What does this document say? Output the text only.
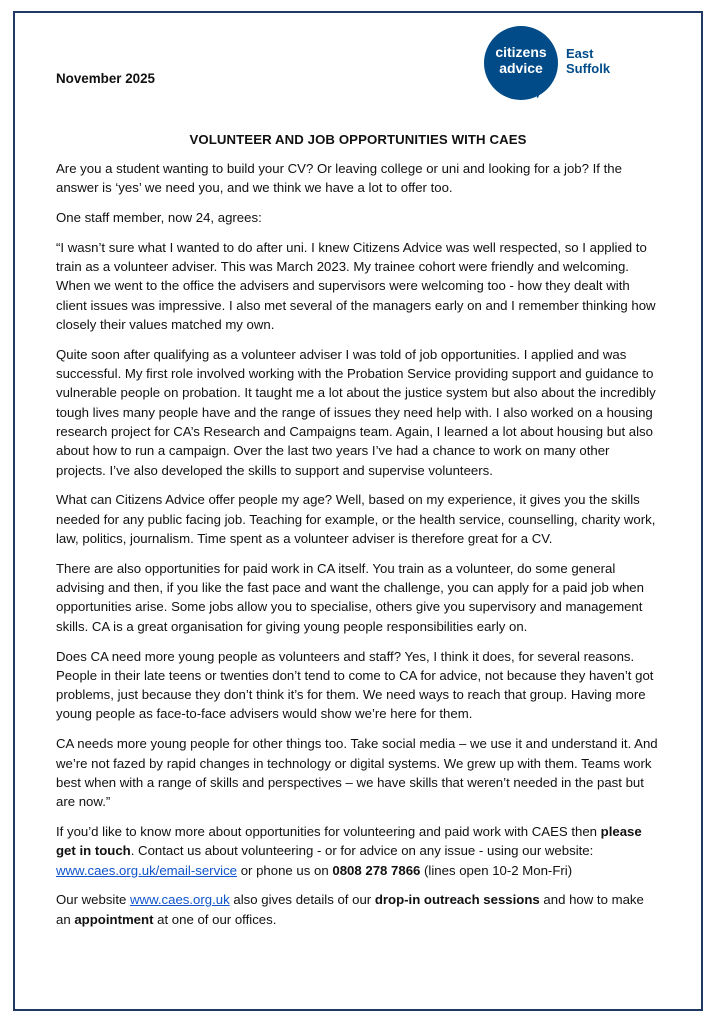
November 2025
citizens
advice
East
Suffolk
VOLUNTEER AND JOB OPPORTUNITIES WITH CAES

Are you a student wanting to build your CV? Or leaving college or uni and looking for a job? If the answer is ‘yes’ we need you, and we think we have a lot to offer too.

One staff member, now 24, agrees:

“I wasn’t sure what I wanted to do after uni. I knew Citizens Advice was well respected, so I applied to train as a volunteer adviser. This was March 2023. My trainee cohort were friendly and welcoming. When we went to the office the advisers and supervisors were welcoming too - how they dealt with client issues was impressive. I also met several of the managers early on and I remember thinking how closely their values matched my own.

Quite soon after qualifying as a volunteer adviser I was told of job opportunities. I applied and was successful. My first role involved working with the Probation Service providing support and guidance to vulnerable people on probation. It taught me a lot about the justice system but also about the incredibly tough lives many people have and the range of issues they need help with. I also worked on a housing research project for CA’s Research and Campaigns team. Again, I learned a lot about housing but also about how to run a campaign. Over the last two years I’ve had a chance to work on many other projects. I’ve also developed the skills to support and supervise volunteers.

What can Citizens Advice offer people my age? Well, based on my experience, it gives you the skills needed for any public facing job. Teaching for example, or the health service, counselling, charity work, law, politics, journalism. Time spent as a volunteer adviser is therefore great for a CV.

There are also opportunities for paid work in CA itself. You train as a volunteer, do some general advising and then, if you like the fast pace and want the challenge, you can apply for a paid job when opportunities arise. Some jobs allow you to specialise, others give you supervisory and management skills. CA is a great organisation for giving young people responsibilities early on.

Does CA need more young people as volunteers and staff? Yes, I think it does, for several reasons. People in their late teens or twenties don’t tend to come to CA for advice, not because they haven’t got problems, just because they don’t think it’s for them. We need ways to reach that group. Having more young people as face-to-face advisers would show we’re here for them.

CA needs more young people for other things too. Take social media – we use it and understand it. And we’re not fazed by rapid changes in technology or digital systems. We grew up with them. Teams work best when with a range of skills and perspectives – we have skills that weren’t needed in the past but are now.”

If you’d like to know more about opportunities for volunteering and paid work with CAES then please get in touch. Contact us about volunteering - or for advice on any issue - using our website: www.caes.org.uk/email-service or phone us on 0808 278 7866 (lines open 10-2 Mon-Fri)

Our website www.caes.org.uk also gives details of our drop-in outreach sessions and how to make an appointment at one of our offices.
